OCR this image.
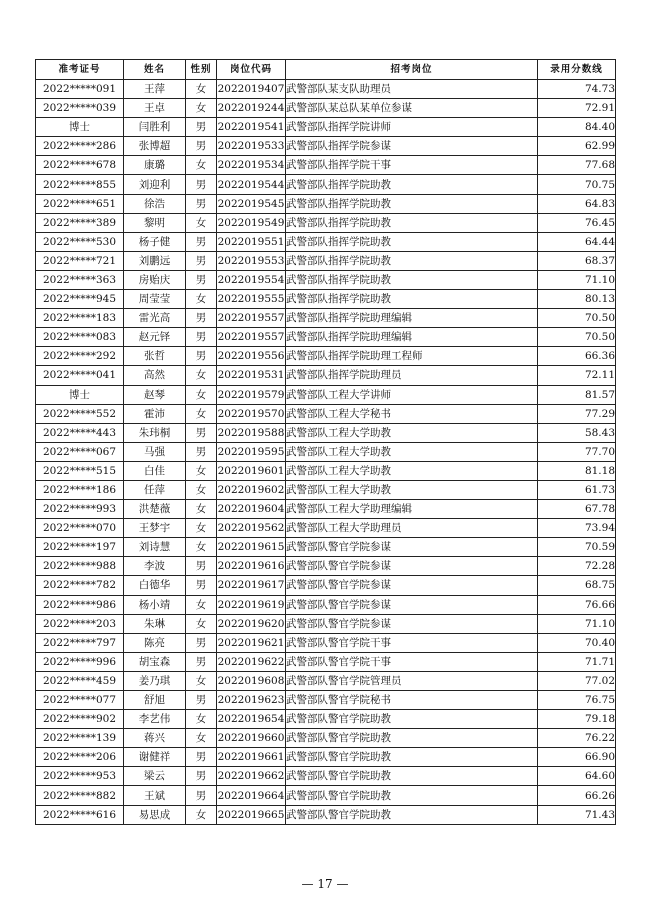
准考证号	姓名	性别	岗位代码	招考岗位	录用分数线
2022*****091	王萍	女	2022019407	武警部队某支队助理员	74.73
2022*****039	王卓	女	2022019244	武警部队某总队某单位参谋	72.91
博士	闫胜利	男	2022019541	武警部队指挥学院讲师	84.40
2022*****286	张博超	男	2022019533	武警部队指挥学院参谋	62.99
2022*****678	康璐	女	2022019534	武警部队指挥学院干事	77.68
2022*****855	刘迎利	男	2022019544	武警部队指挥学院助教	70.75
2022*****651	徐浩	男	2022019545	武警部队指挥学院助教	64.83
2022*****389	黎明	女	2022019549	武警部队指挥学院助教	76.45
2022*****530	杨子健	男	2022019551	武警部队指挥学院助教	64.44
2022*****721	刘鹏远	男	2022019553	武警部队指挥学院助教	68.37
2022*****363	房贻庆	男	2022019554	武警部队指挥学院助教	71.10
2022*****945	周莹莹	女	2022019555	武警部队指挥学院助教	80.13
2022*****183	雷光高	男	2022019557	武警部队指挥学院助理编辑	70.50
2022*****083	赵元铎	男	2022019557	武警部队指挥学院助理编辑	70.50
2022*****292	张哲	男	2022019556	武警部队指挥学院助理工程师	66.36
2022*****041	高然	女	2022019531	武警部队指挥学院助理员	72.11
博士	赵琴	女	2022019579	武警部队工程大学讲师	81.57
2022*****552	霍沛	女	2022019570	武警部队工程大学秘书	77.29
2022*****443	朱玮桐	男	2022019588	武警部队工程大学助教	58.43
2022*****067	马强	男	2022019595	武警部队工程大学助教	77.70
2022*****515	白佳	女	2022019601	武警部队工程大学助教	81.18
2022*****186	任萍	女	2022019602	武警部队工程大学助教	61.73
2022*****993	洪楚薇	女	2022019604	武警部队工程大学助理编辑	67.78
2022*****070	王梦宇	女	2022019562	武警部队工程大学助理员	73.94
2022*****197	刘诗慧	女	2022019615	武警部队警官学院参谋	70.59
2022*****988	李波	男	2022019616	武警部队警官学院参谋	72.28
2022*****782	白德华	男	2022019617	武警部队警官学院参谋	68.75
2022*****986	杨小靖	女	2022019619	武警部队警官学院参谋	76.66
2022*****203	朱琳	女	2022019620	武警部队警官学院参谋	71.10
2022*****797	陈亮	男	2022019621	武警部队警官学院干事	70.40
2022*****996	胡宝森	男	2022019622	武警部队警官学院干事	71.71
2022*****459	姜乃琪	女	2022019608	武警部队警官学院管理员	77.02
2022*****077	舒旭	男	2022019623	武警部队警官学院秘书	76.75
2022*****902	李艺伟	女	2022019654	武警部队警官学院助教	79.18
2022*****139	蒋兴	女	2022019660	武警部队警官学院助教	76.22
2022*****206	谢健祥	男	2022019661	武警部队警官学院助教	66.90
2022*****953	梁云	男	2022019662	武警部队警官学院助教	64.60
2022*****882	王斌	男	2022019664	武警部队警官学院助教	66.26
2022*****616	易思成	女	2022019665	武警部队警官学院助教	71.43
— 17 —
